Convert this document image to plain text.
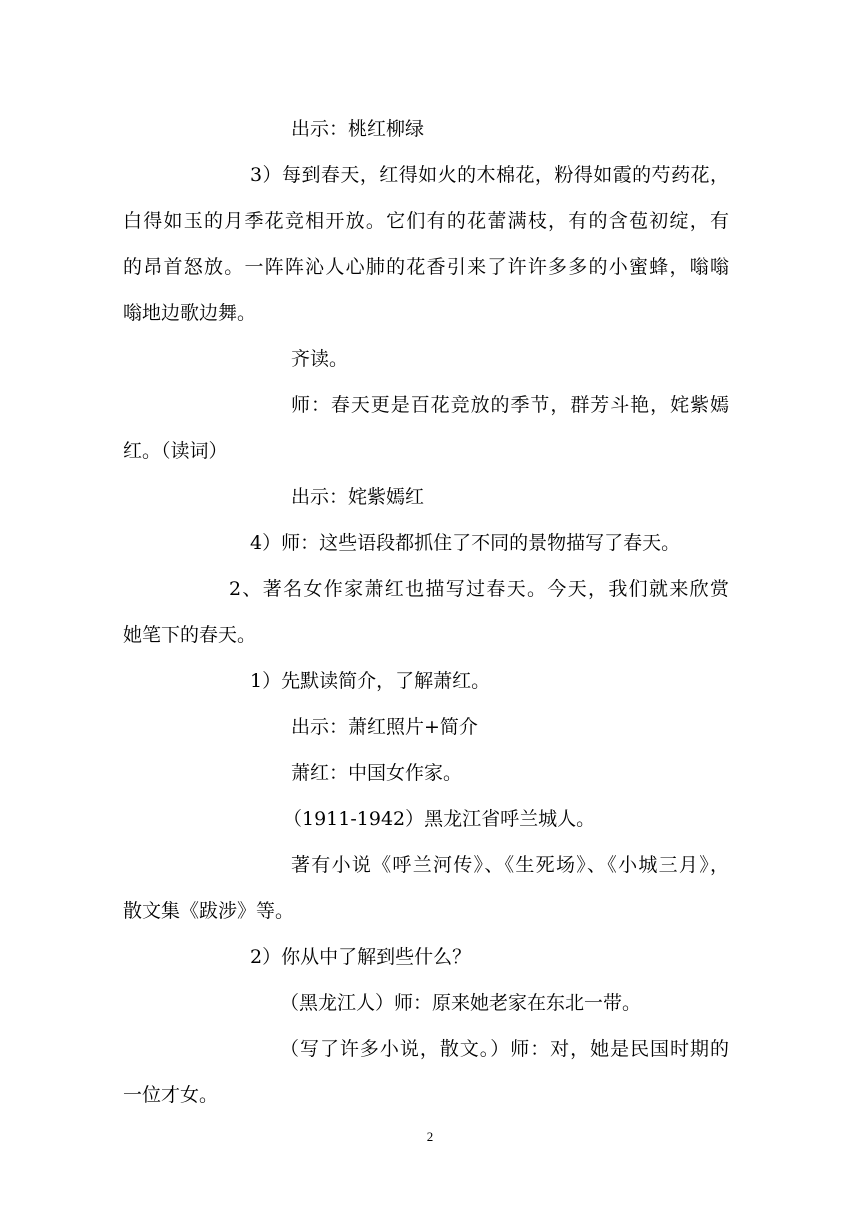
出示：桃红柳绿
3）每到春天，红得如火的木棉花，粉得如霞的芍药花，
白得如玉的月季花竞相开放。它们有的花蕾满枝，有的含苞初绽，有
的昂首怒放。一阵阵沁人心肺的花香引来了许许多多的小蜜蜂，嗡嗡
嗡地边歌边舞。
齐读。
师：春天更是百花竞放的季节，群芳斗艳，姹紫嫣
红。（读词）
出示：姹紫嫣红
4）师：这些语段都抓住了不同的景物描写了春天。
2、著名女作家萧红也描写过春天。今天，我们就来欣赏
她笔下的春天。
1）先默读简介，了解萧红。
出示：萧红照片+简介
萧红：中国女作家。
（1911-1942）黑龙江省呼兰城人。
著有小说《呼兰河传》、《生死场》、《小城三月》，
散文集《跋涉》等。
2）你从中了解到些什么？
（黑龙江人）师：原来她老家在东北一带。
（写了许多小说，散文。）师：对，她是民国时期的
一位才女。
2
